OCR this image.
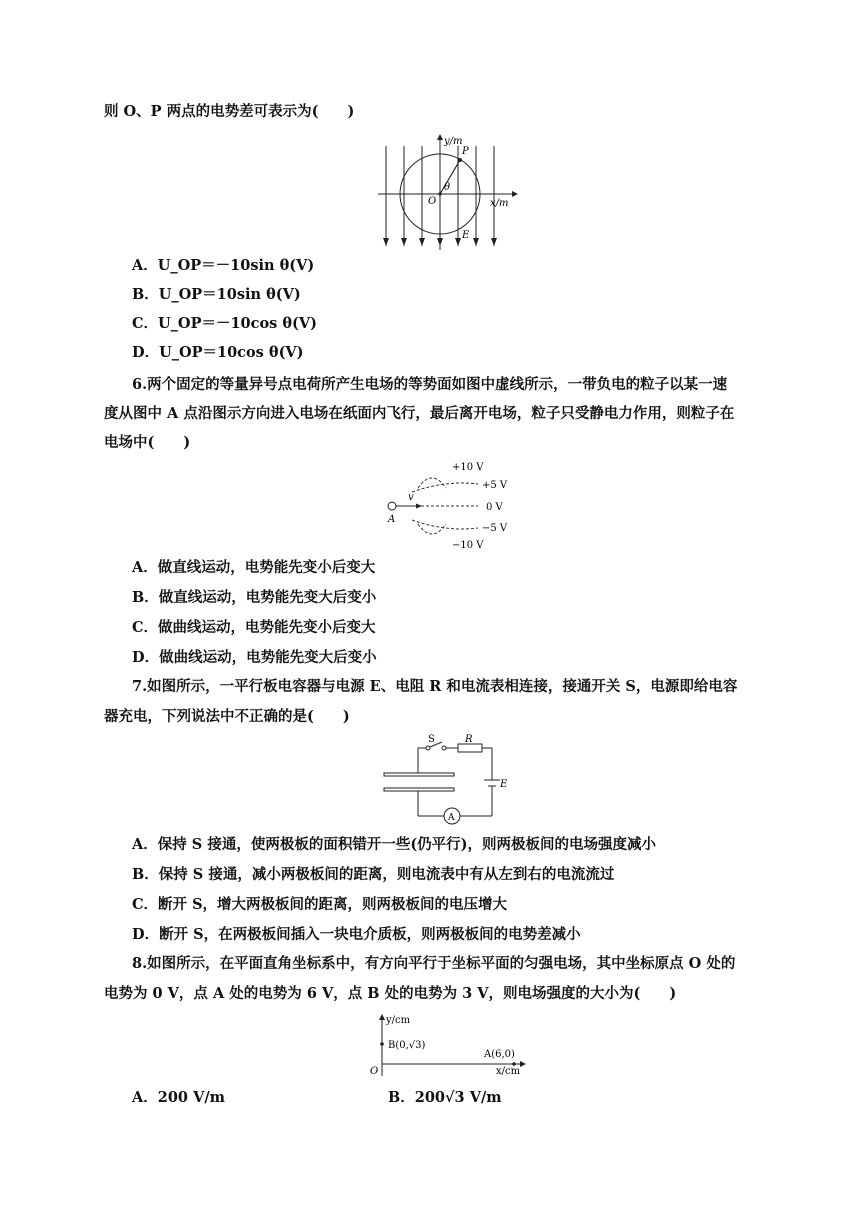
则 O、P 两点的电势差可表示为(　　)
y/m
P
θ
O	x/m
E
A．U_OP＝－10sin θ(V)
B．U_OP＝10sin θ(V)
C．U_OP＝－10cos θ(V)
D．U_OP＝10cos θ(V)
6.两个固定的等量异号点电荷所产生电场的等势面如图中虚线所示，一带负电的粒子以某一速
度从图中 A 点沿图示方向进入电场在纸面内飞行，最后离开电场，粒子只受静电力作用，则粒子在
电场中(　　)
+10 V
+5 V
0 V
−5 V
−10 V
v
A
A．做直线运动，电势能先变小后变大
B．做直线运动，电势能先变大后变小
C．做曲线运动，电势能先变小后变大
D．做曲线运动，电势能先变大后变小
7.如图所示，一平行板电容器与电源 E、电阻 R 和电流表相连接，接通开关 S，电源即给电容
器充电，下列说法中不正确的是(　　)
S	R
E
A
A．保持 S 接通，使两极板的面积错开一些(仍平行)，则两极板间的电场强度减小
B．保持 S 接通，减小两极板间的距离，则电流表中有从左到右的电流流过
C．断开 S，增大两极板间的距离，则两极板间的电压增大
D．断开 S，在两极板间插入一块电介质板，则两极板间的电势差减小
8.如图所示，在平面直角坐标系中，有方向平行于坐标平面的匀强电场，其中坐标原点 O 处的
电势为 0 V，点 A 处的电势为 6 V，点 B 处的电势为 3 V，则电场强度的大小为(　　)
y/cm
B(0,√3)
A(6,0)
O	x/cm
A．200 V/m	B．200√3 V/m
